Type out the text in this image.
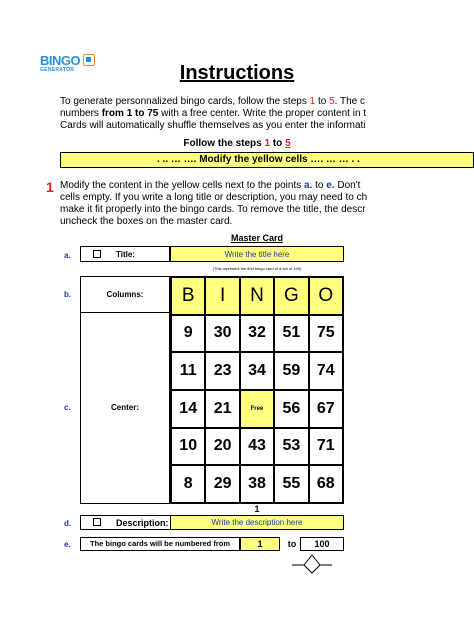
BINGO
GENERATOR	Instructions
To generate personnalized bingo cards, follow the steps 1 to 5. The c
numbers from 1 to 75 with a free center. Write the proper content in t
Cards will automatically shuffle themselves as you enter the informati
Follow the steps 1 to 5
. .. … …. Modify the yellow cells …. … … . .
1 Modify the content in the yellow cells next to the points a. to e. Don't
cells empty. If you write a long title or description, you may need to ch
make it fit properly into the bingo cards. To remove the title, the descr
uncheck the boxes on the master card.
Master Card
a.	Title:	Write the title here
(This represent the first bingo card of a set of 100)
b.	Columns:
c.	Center:
B	I	N	G	O
9	30	32	51	75
11	23	34	59	74
14	21	Free	56	67
10	20	43	53	71
8	29	38	55	68
1
d.	Description:	Write the description here
e.	The bingo cards will be numbered from	1	to	100
